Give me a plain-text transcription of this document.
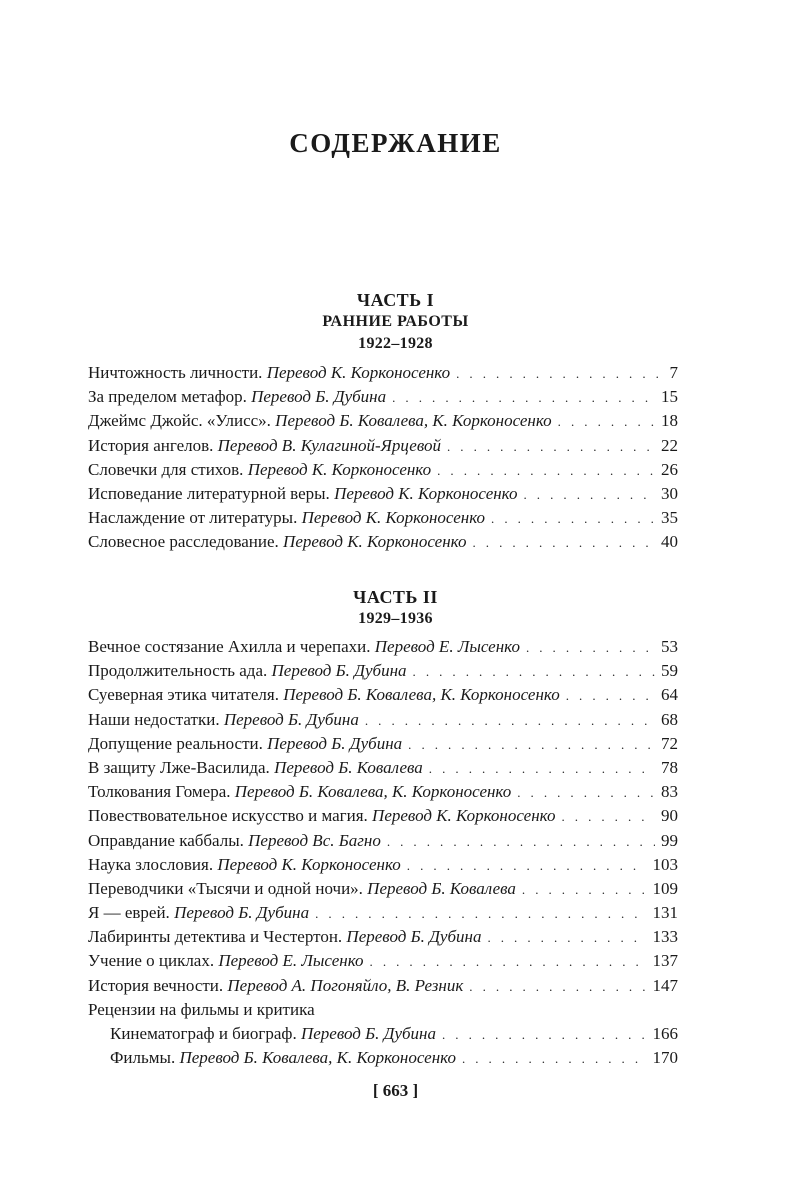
СОДЕРЖАНИЕ
ЧАСТЬ I
РАННИЕ РАБОТЫ
1922–1928
Ничтожность личности. Перевод К. Корконосенко . . .	7
За пределом метафор. Перевод Б. Дубина . . .	15
Джеймс Джойс. «Улисс». Перевод Б. Ковалева, К. Корконосенко . . .	18
История ангелов. Перевод В. Кулагиной-Ярцевой . . .	22
Словечки для стихов. Перевод К. Корконосенко . . .	26
Исповедание литературной веры. Перевод К. Корконосенко . . .	30
Наслаждение от литературы. Перевод К. Корконосенко . . .	35
Словесное расследование. Перевод К. Корконосенко . . .	40
ЧАСТЬ II
1929–1936
Вечное состязание Ахилла и черепахи. Перевод Е. Лысенко . . .	53
Продолжительность ада. Перевод Б. Дубина . . .	59
Суеверная этика читателя. Перевод Б. Ковалева, К. Корконосенко . . .	64
Наши недостатки. Перевод Б. Дубина . . .	68
Допущение реальности. Перевод Б. Дубина . . .	72
В защиту Лже-Василида. Перевод Б. Ковалева . . .	78
Толкования Гомера. Перевод Б. Ковалева, К. Корконосенко . . .	83
Повествовательное искусство и магия. Перевод К. Корконосенко . . .	90
Оправдание каббалы. Перевод Вс. Багно . . .	99
Наука злословия. Перевод К. Корконосенко . . .	103
Переводчики «Тысячи и одной ночи». Перевод Б. Ковалева . . .	109
Я — еврей. Перевод Б. Дубина . . .	131
Лабиринты детектива и Честертон. Перевод Б. Дубина . . .	133
Учение о циклах. Перевод Е. Лысенко . . .	137
История вечности. Перевод А. Погоняйло, В. Резник . . .	147
Рецензии на фильмы и критика
Кинематограф и биограф. Перевод Б. Дубина . . .	166
Фильмы. Перевод Б. Ковалева, К. Корконосенко . . .	170
[ 663 ]
